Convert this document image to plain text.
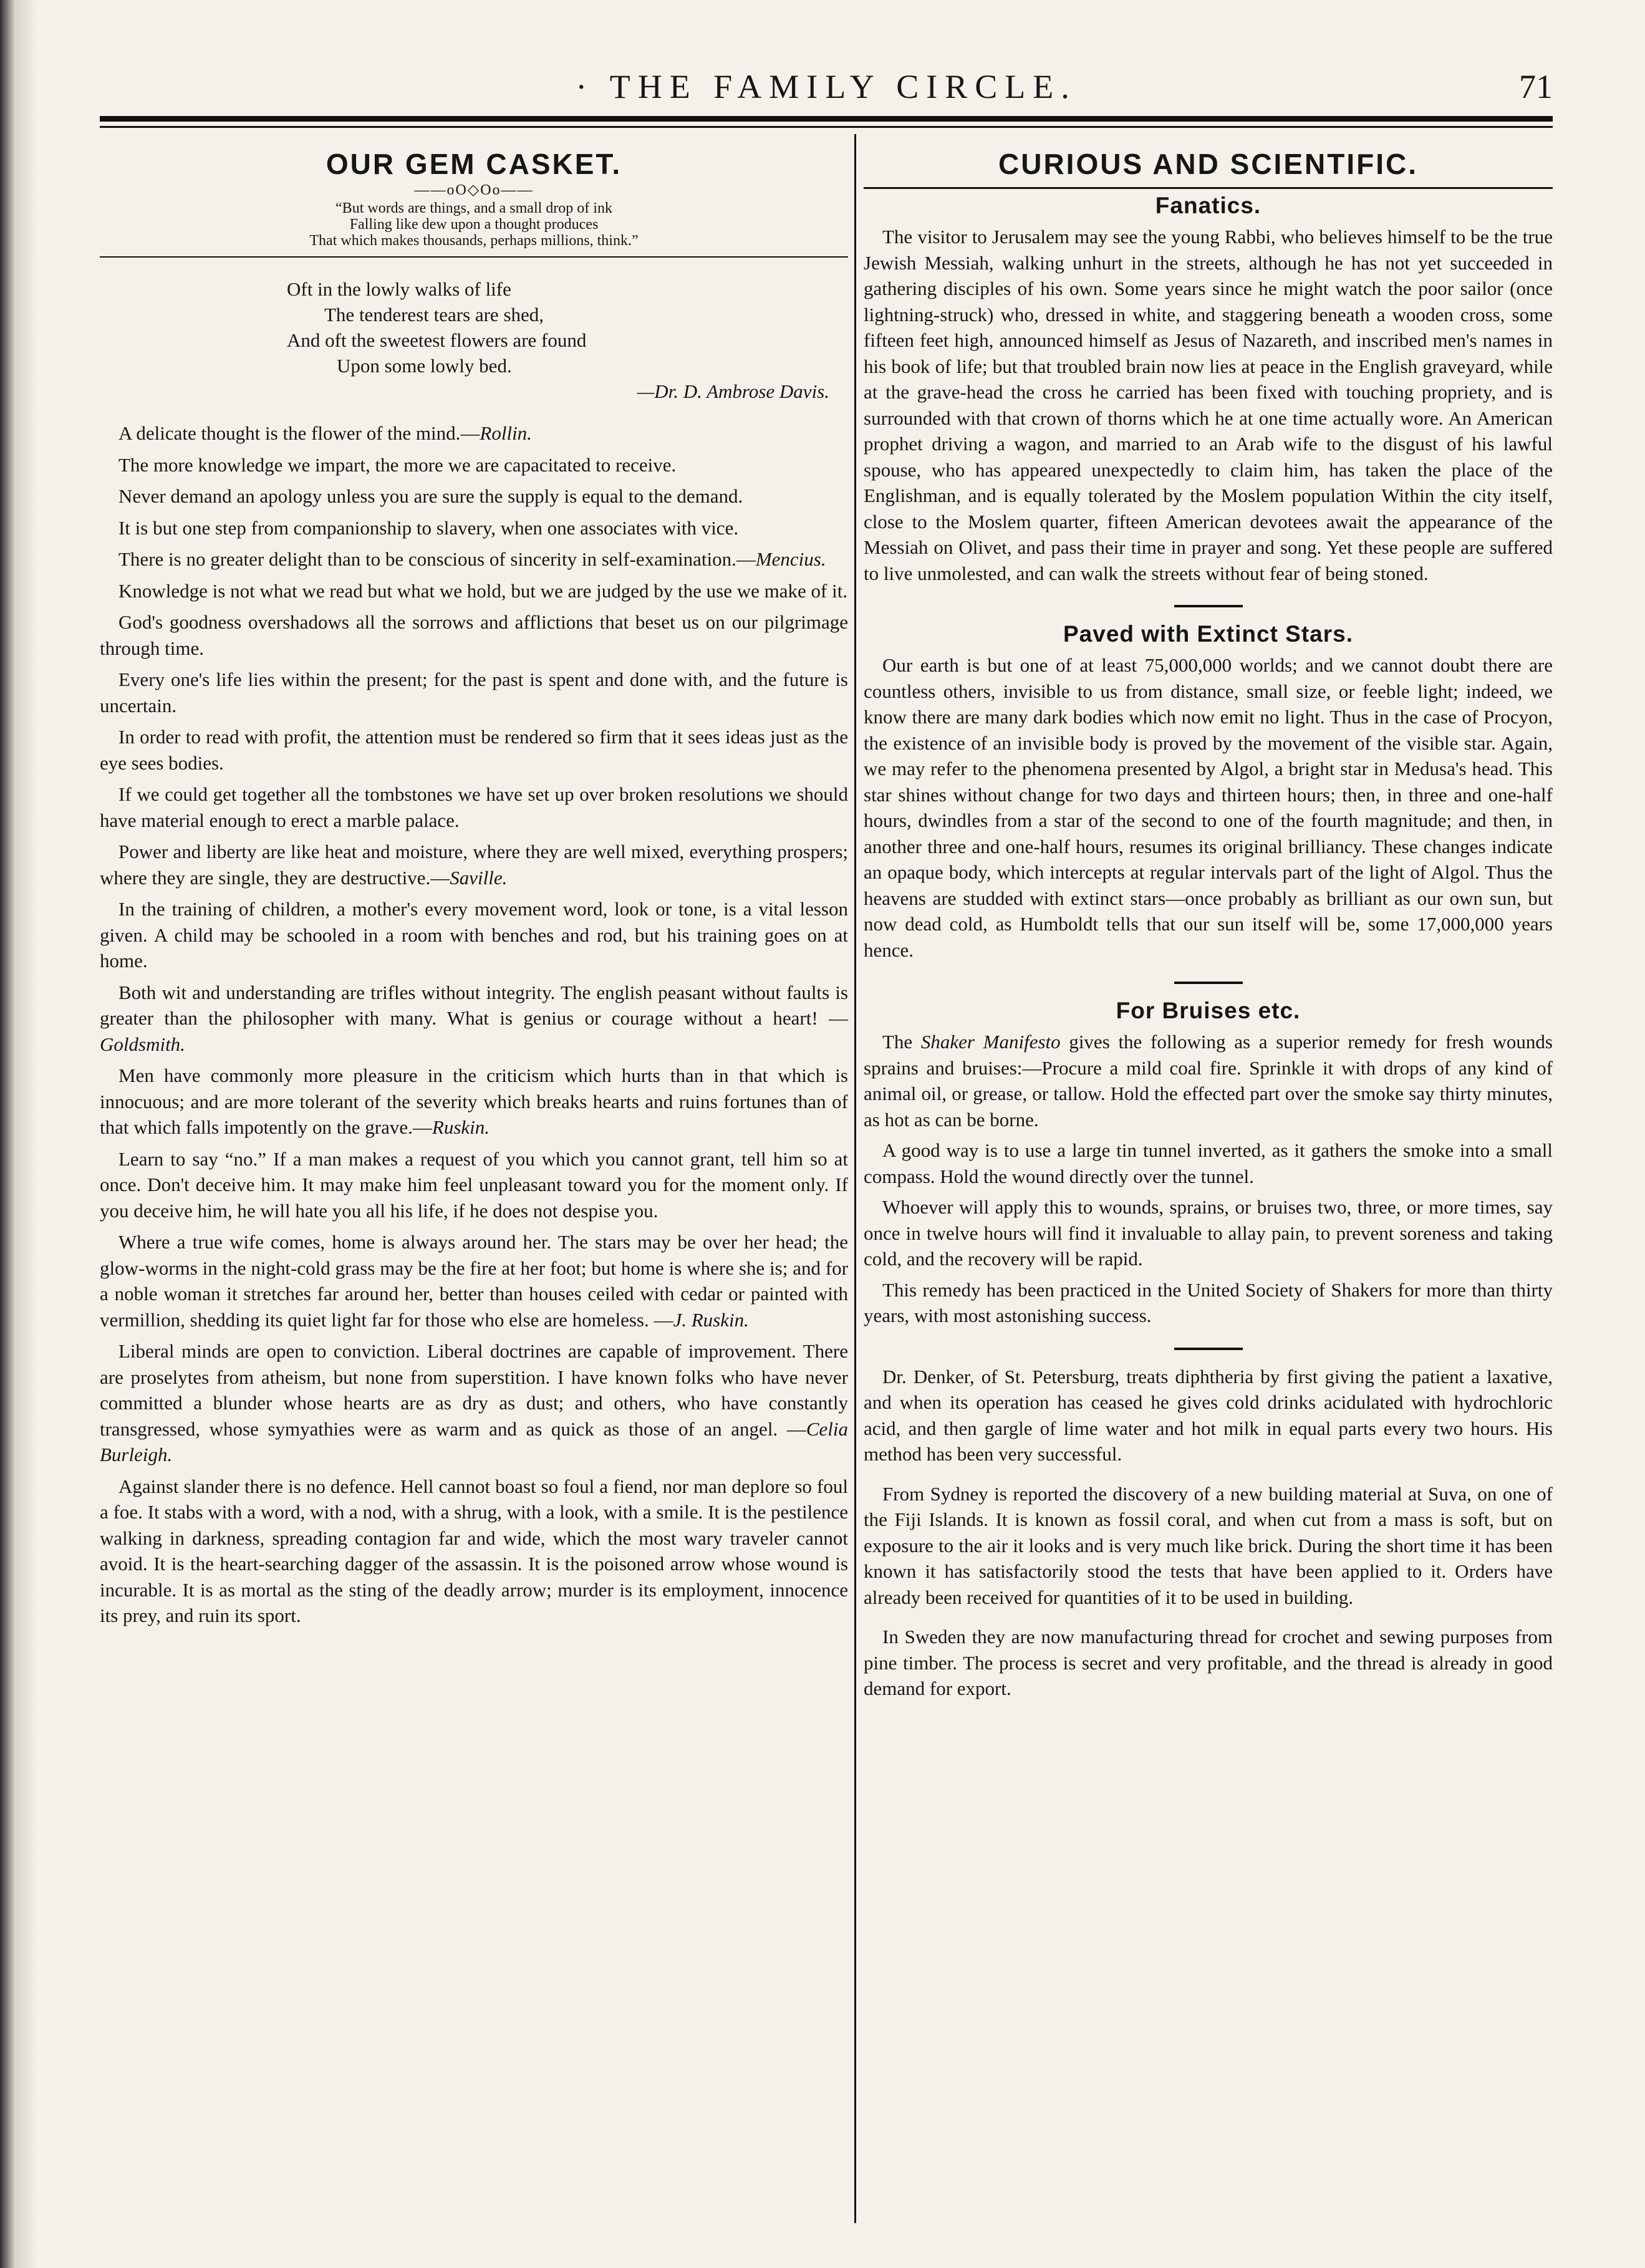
· THE FAMILY CIRCLE.	71
OUR GEM CASKET.
——oO◇Oo——
“But words are things, and a small drop of ink
Falling like dew upon a thought produces
That which makes thousands, perhaps millions, think.”
Oft in the lowly walks of life
The tenderest tears are shed,
And oft the sweetest flowers are found
Upon some lowly bed.
—Dr. D. Ambrose Davis.

A delicate thought is the flower of the mind.—Rollin.

The more knowledge we impart, the more we are capacitated to receive.

Never demand an apology unless you are sure the supply is equal to the demand.

It is but one step from companionship to slavery, when one associates with vice.

There is no greater delight than to be conscious of sincerity in self-examination.—Mencius.

Knowledge is not what we read but what we hold, but we are judged by the use we make of it.

God's goodness overshadows all the sorrows and afflictions that beset us on our pilgrimage through time.

Every one's life lies within the present; for the past is spent and done with, and the future is uncertain.

In order to read with profit, the attention must be rendered so firm that it sees ideas just as the eye sees bodies.

If we could get together all the tombstones we have set up over broken resolutions we should have material enough to erect a marble palace.

Power and liberty are like heat and moisture, where they are well mixed, everything prospers; where they are single, they are destructive.—Saville.

In the training of children, a mother's every movement word, look or tone, is a vital lesson given. A child may be schooled in a room with benches and rod, but his training goes on at home.

Both wit and understanding are trifles without integrity. The english peasant without faults is greater than the philosopher with many. What is genius or courage without a heart! —Goldsmith.

Men have commonly more pleasure in the criticism which hurts than in that which is innocuous; and are more tolerant of the severity which breaks hearts and ruins fortunes than of that which falls impotently on the grave.—Ruskin.

Learn to say “no.” If a man makes a request of you which you cannot grant, tell him so at once. Don't deceive him. It may make him feel unpleasant toward you for the moment only. If you deceive him, he will hate you all his life, if he does not despise you.

Where a true wife comes, home is always around her. The stars may be over her head; the glow-worms in the night-cold grass may be the fire at her foot; but home is where she is; and for a noble woman it stretches far around her, better than houses ceiled with cedar or painted with vermillion, shedding its quiet light far for those who else are homeless. —J. Ruskin.

Liberal minds are open to conviction. Liberal doctrines are capable of improvement. There are proselytes from atheism, but none from superstition. I have known folks who have never committed a blunder whose hearts are as dry as dust; and others, who have constantly transgressed, whose symyathies were as warm and as quick as those of an angel. —Celia Burleigh.

Against slander there is no defence. Hell cannot boast so foul a fiend, nor man deplore so foul a foe. It stabs with a word, with a nod, with a shrug, with a look, with a smile. It is the pestilence walking in darkness, spreading contagion far and wide, which the most wary traveler cannot avoid. It is the heart-searching dagger of the assassin. It is the poisoned arrow whose wound is incurable. It is as mortal as the sting of the deadly arrow; murder is its employment, innocence its prey, and ruin its sport.

CURIOUS AND SCIENTIFIC.
Fanatics.

The visitor to Jerusalem may see the young Rabbi, who believes himself to be the true Jewish Messiah, walking unhurt in the streets, although he has not yet succeeded in gathering disciples of his own. Some years since he might watch the poor sailor (once lightning-struck) who, dressed in white, and staggering beneath a wooden cross, some fifteen feet high, announced himself as Jesus of Nazareth, and inscribed men's names in his book of life; but that troubled brain now lies at peace in the English graveyard, while at the grave-head the cross he carried has been fixed with touching propriety, and is surrounded with that crown of thorns which he at one time actually wore. An American prophet driving a wagon, and married to an Arab wife to the disgust of his lawful spouse, who has appeared unexpectedly to claim him, has taken the place of the Englishman, and is equally tolerated by the Moslem population Within the city itself, close to the Moslem quarter, fifteen American devotees await the appearance of the Messiah on Olivet, and pass their time in prayer and song. Yet these people are suffered to live unmolested, and can walk the streets without fear of being stoned.

Paved with Extinct Stars.

Our earth is but one of at least 75,000,000 worlds; and we cannot doubt there are countless others, invisible to us from distance, small size, or feeble light; indeed, we know there are many dark bodies which now emit no light. Thus in the case of Procyon, the existence of an invisible body is proved by the movement of the visible star. Again, we may refer to the phenomena presented by Algol, a bright star in Medusa's head. This star shines without change for two days and thirteen hours; then, in three and one-half hours, dwindles from a star of the second to one of the fourth magnitude; and then, in another three and one-half hours, resumes its original brilliancy. These changes indicate an opaque body, which intercepts at regular intervals part of the light of Algol. Thus the heavens are studded with extinct stars—once probably as brilliant as our own sun, but now dead cold, as Humboldt tells that our sun itself will be, some 17,000,000 years hence.

For Bruises etc.

The Shaker Manifesto gives the following as a superior remedy for fresh wounds sprains and bruises:—Procure a mild coal fire. Sprinkle it with drops of any kind of animal oil, or grease, or tallow. Hold the effected part over the smoke say thirty minutes, as hot as can be borne.

A good way is to use a large tin tunnel inverted, as it gathers the smoke into a small compass. Hold the wound directly over the tunnel.

Whoever will apply this to wounds, sprains, or bruises two, three, or more times, say once in twelve hours will find it invaluable to allay pain, to prevent soreness and taking cold, and the recovery will be rapid.

This remedy has been practiced in the United Society of Shakers for more than thirty years, with most astonishing success.

Dr. Denker, of St. Petersburg, treats diphtheria by first giving the patient a laxative, and when its operation has ceased he gives cold drinks acidulated with hydrochloric acid, and then gargle of lime water and hot milk in equal parts every two hours. His method has been very successful.

From Sydney is reported the discovery of a new building material at Suva, on one of the Fiji Islands. It is known as fossil coral, and when cut from a mass is soft, but on exposure to the air it looks and is very much like brick. During the short time it has been known it has satisfactorily stood the tests that have been applied to it. Orders have already been received for quantities of it to be used in building.

In Sweden they are now manufacturing thread for crochet and sewing purposes from pine timber. The process is secret and very profitable, and the thread is already in good demand for export.
